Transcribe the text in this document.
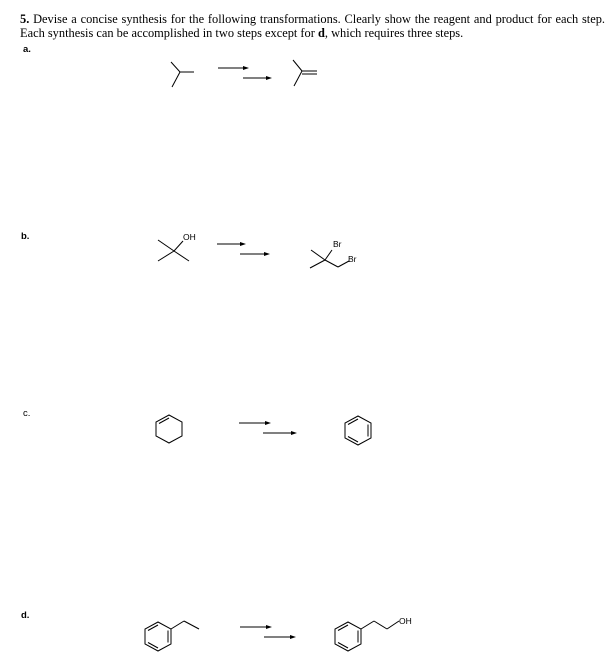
5. Devise a concise synthesis for the following transformations. Clearly show the reagent and product for each step. Each synthesis can be accomplished in two steps except for d, which requires three steps.

a.
b.	OH
Br
Br
c.
d.	OH
